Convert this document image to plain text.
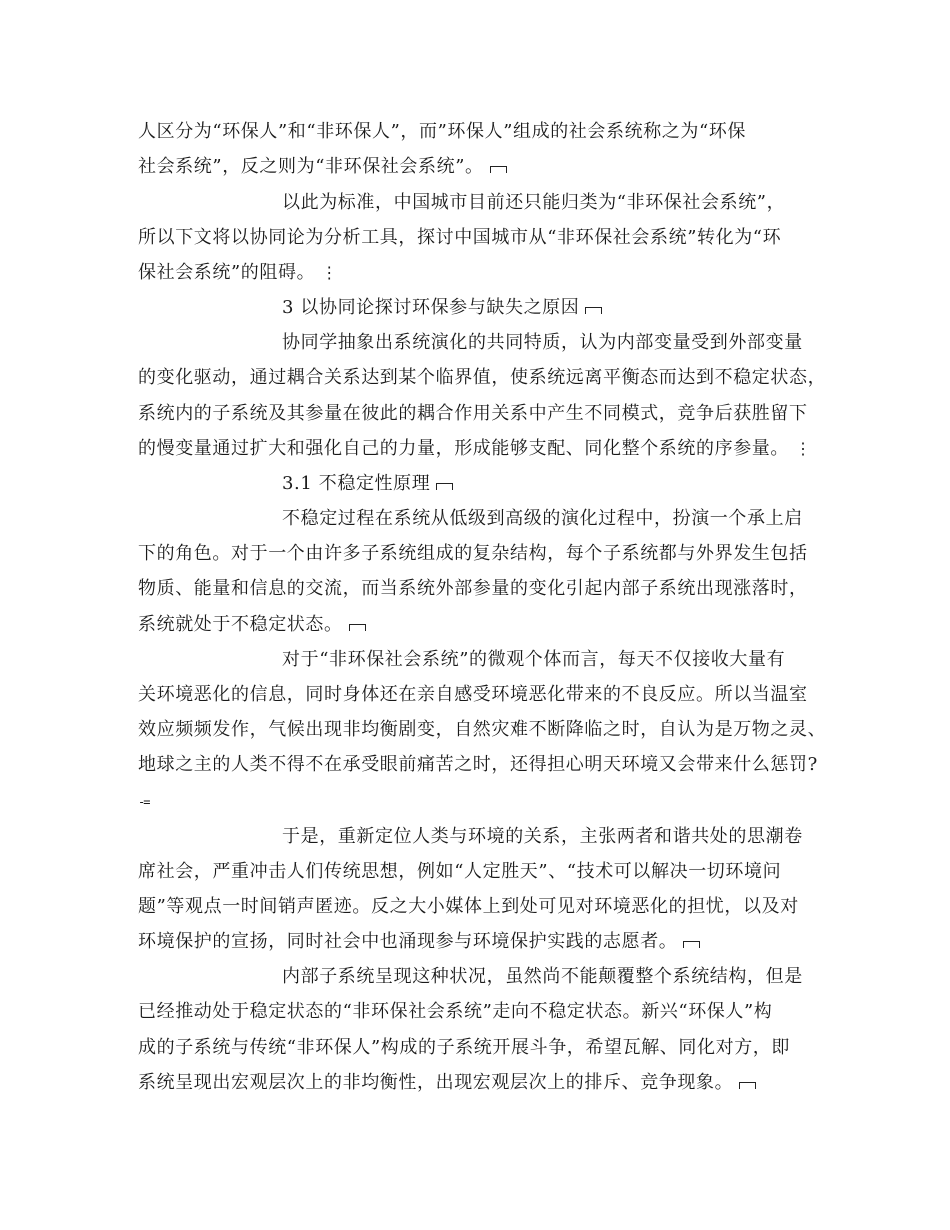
人区分为“环保人”和“非环保人”，而”环保人”组成的社会系统称之为“环保
社会系统”，反之则为“非环保社会系统”。
以此为标准，中国城市目前还只能归类为“非环保社会系统”，
所以下文将以协同论为分析工具，探讨中国城市从“非环保社会系统”转化为“环
保社会系统”的阻碍。 ⋮
3 以协同论探讨环保参与缺失之原因
协同学抽象出系统演化的共同特质，认为内部变量受到外部变量
的变化驱动，通过耦合关系达到某个临界值，使系统远离平衡态而达到不稳定状态，
系统内的子系统及其参量在彼此的耦合作用关系中产生不同模式，竞争后获胜留下
的慢变量通过扩大和强化自己的力量，形成能够支配、同化整个系统的序参量。 ⋮
3.1 不稳定性原理
不稳定过程在系统从低级到高级的演化过程中，扮演一个承上启
下的角色。对于一个由许多子系统组成的复杂结构，每个子系统都与外界发生包括
物质、能量和信息的交流，而当系统外部参量的变化引起内部子系统出现涨落时，
系统就处于不稳定状态。
对于“非环保社会系统”的微观个体而言，每天不仅接收大量有
关环境恶化的信息，同时身体还在亲自感受环境恶化带来的不良反应。所以当温室
效应频频发作，气候出现非均衡剧变，自然灾难不断降临之时，自认为是万物之灵、
地球之主的人类不得不在承受眼前痛苦之时，还得担心明天环境又会带来什么惩罚?
-=
于是，重新定位人类与环境的关系，主张两者和谐共处的思潮卷
席社会，严重冲击人们传统思想，例如“人定胜天”、“技术可以解决一切环境问
题”等观点一时间销声匿迹。反之大小媒体上到处可见对环境恶化的担忧，以及对
环境保护的宣扬，同时社会中也涌现参与环境保护实践的志愿者。
内部子系统呈现这种状况，虽然尚不能颠覆整个系统结构，但是
已经推动处于稳定状态的“非环保社会系统”走向不稳定状态。新兴“环保人”构
成的子系统与传统“非环保人”构成的子系统开展斗争，希望瓦解、同化对方，即
系统呈现出宏观层次上的非均衡性，出现宏观层次上的排斥、竞争现象。
